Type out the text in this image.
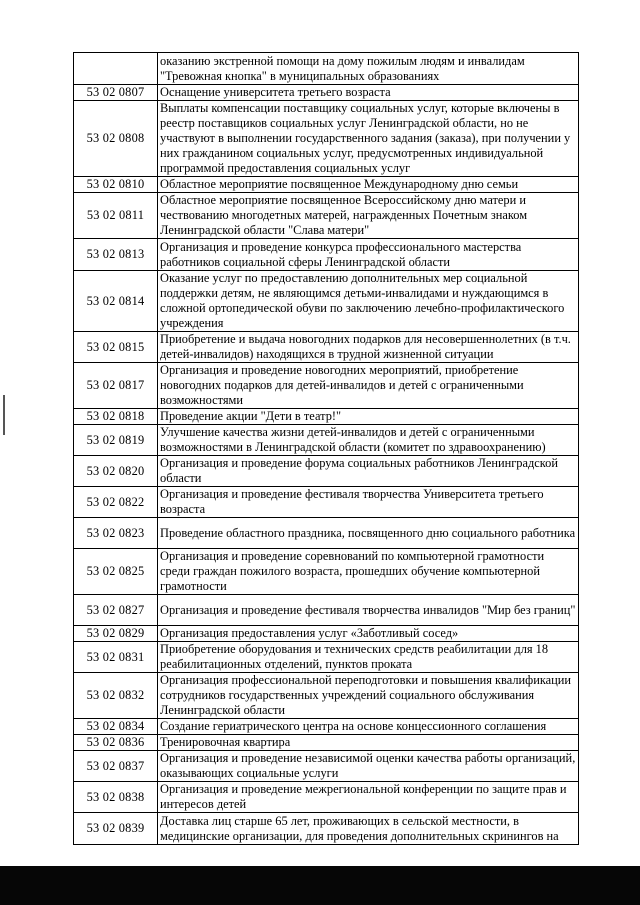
	оказанию экстренной помощи на дому пожилым людям и инвалидам "Тревожная кнопка" в муниципальных образованиях
53 02 0807	Оснащение университета третьего возраста
53 02 0808	Выплаты компенсации поставщику социальных услуг, которые включены в реестр поставщиков социальных услуг Ленинградской области, но не участвуют в выполнении государственного задания (заказа), при получении у них гражданином социальных услуг, предусмотренных индивидуальной программой предоставления социальных услуг
53 02 0810	Областное мероприятие посвященное Международному дню семьи
53 02 0811	Областное мероприятие посвященное Всероссийскому дню матери и чествованию многодетных матерей, награжденных Почетным знаком Ленинградской области "Слава матери"
53 02 0813	Организация и проведение конкурса профессионального мастерства работников социальной сферы Ленинградской области
53 02 0814	Оказание услуг по предоставлению дополнительных мер социальной поддержки детям, не являющимся детьми-инвалидами и нуждающимся в сложной ортопедической обуви по заключению лечебно-профилактического учреждения
53 02 0815	Приобретение и выдача новогодних подарков для несовершеннолетних (в т.ч. детей-инвалидов) находящихся в трудной жизненной ситуации
53 02 0817	Организация и проведение новогодних мероприятий, приобретение новогодних подарков для детей-инвалидов и детей с ограниченными возможностями
53 02 0818	Проведение акции "Дети в театр!"
53 02 0819	Улучшение качества жизни детей-инвалидов и детей с ограниченными возможностями в Ленинградской области (комитет по здравоохранению)
53 02 0820	Организация и проведение форума социальных работников Ленинградской области
53 02 0822	Организация и проведение фестиваля творчества Университета третьего возраста
53 02 0823	Проведение областного праздника, посвященного дню социального работника
53 02 0825	Организация и проведение соревнований по компьютерной грамотности среди граждан пожилого возраста, прошедших обучение компьютерной грамотности
53 02 0827	Организация и проведение фестиваля творчества инвалидов "Мир без границ"
53 02 0829	Организация предоставления услуг «Заботливый сосед»
53 02 0831	Приобретение оборудования и технических средств реабилитации для 18 реабилитационных отделений, пунктов проката
53 02 0832	Организация профессиональной переподготовки и повышения квалификации сотрудников государственных учреждений социального обслуживания Ленинградской области
53 02 0834	Создание гериатрического центра на основе концессионного соглашения
53 02 0836	Тренировочная квартира
53 02 0837	Организация и проведение независимой оценки качества работы организаций, оказывающих социальные услуги
53 02 0838	Организация и проведение межрегиональной конференции по защите прав и интересов детей
53 02 0839	Доставка лиц старше 65 лет, проживающих в сельской местности, в медицинские организации, для проведения дополнительных скринингов на
